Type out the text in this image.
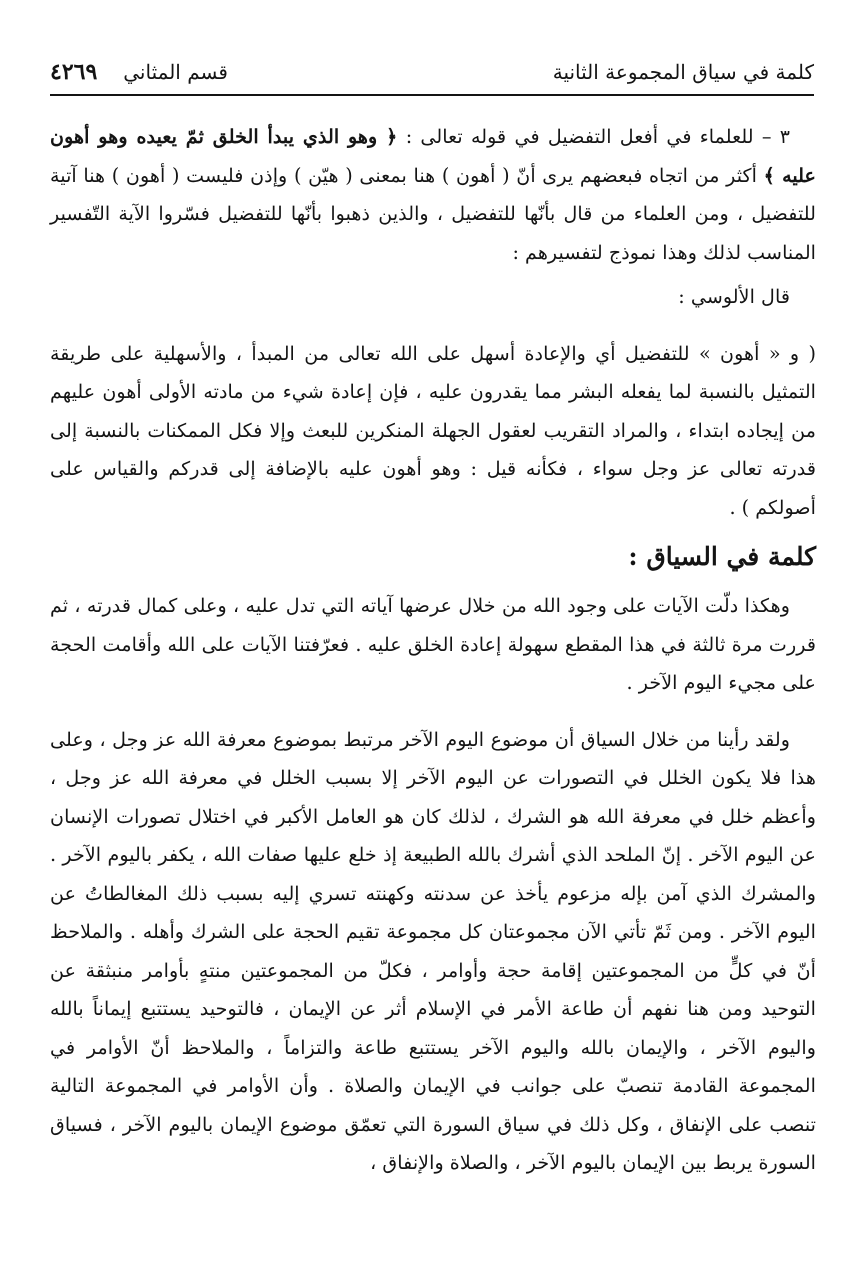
كلمة في سياق المجموعة الثانية
قسم المثاني
٤٢٦٩

٣ – للعلماء في أفعل التفضيل في قوله تعالى : ﴿ وهو الذي يبدأ الخلق ثمّ يعيده وهو أهون عليه ﴾ أكثر من اتجاه فبعضهم يرى أنّ ( أهون ) هنا بمعنى ( هيّن ) وإذن فليست ( أهون ) هنا آتية للتفضيل ، ومن العلماء من قال بأنّها للتفضيل ، والذين ذهبوا بأنّها للتفضيل فسّروا الآية التّفسير المناسب لذلك وهذا نموذج لتفسيرهم :

قال الألوسي :

( و « أهون » للتفضيل أي والإعادة أسهل على الله تعالى من المبدأ ، والأسهلية على طريقة التمثيل بالنسبة لما يفعله البشر مما يقدرون عليه ، فإن إعادة شيء من مادته الأولى أهون عليهم من إيجاده ابتداء ، والمراد التقريب لعقول الجهلة المنكرين للبعث وإلا فكل الممكنات بالنسبة إلى قدرته تعالى عز وجل سواء ، فكأنه قيل : وهو أهون عليه بالإضافة إلى قدركم والقياس على أصولكم ) .

كلمة في السياق :

وهكذا دلّت الآيات على وجود الله من خلال عرضها آياته التي تدل عليه ، وعلى كمال قدرته ، ثم قررت مرة ثالثة في هذا المقطع سهولة إعادة الخلق عليه . فعرّفتنا الآيات على الله وأقامت الحجة على مجيء اليوم الآخر .

ولقد رأينا من خلال السياق أن موضوع اليوم الآخر مرتبط بموضوع معرفة الله عز وجل ، وعلى هذا فلا يكون الخلل في التصورات عن اليوم الآخر إلا بسبب الخلل في معرفة الله عز وجل ، وأعظم خلل في معرفة الله هو الشرك ، لذلك كان هو العامل الأكبر في اختلال تصورات الإنسان عن اليوم الآخر . إنّ الملحد الذي أشرك بالله الطبيعة إذ خلع عليها صفات الله ، يكفر باليوم الآخر . والمشرك الذي آمن بإله مزعوم يأخذ عن سدنته وكهنته تسري إليه بسبب ذلك المغالطاتُ عن اليوم الآخر . ومن ثَمّ تأتي الآن مجموعتان كل مجموعة تقيم الحجة على الشرك وأهله . والملاحظ أنّ في كلٍّ من المجموعتين إقامة حجة وأوامر ، فكلّ من المجموعتين منتهٍ بأوامر منبثقة عن التوحيد ومن هنا نفهم أن طاعة الأمر في الإسلام أثر عن الإيمان ، فالتوحيد يستتبع إيماناً بالله واليوم الآخر ، والإيمان بالله واليوم الآخر يستتبع طاعة والتزاماً ، والملاحظ أنّ الأوامر في المجموعة القادمة تنصبّ على جوانب في الإيمان والصلاة . وأن الأوامر في المجموعة التالية تنصب على الإنفاق ، وكل ذلك في سياق السورة التي تعمّق موضوع الإيمان باليوم الآخر ، فسياق السورة يربط بين الإيمان باليوم الآخر ، والصلاة والإنفاق ،
